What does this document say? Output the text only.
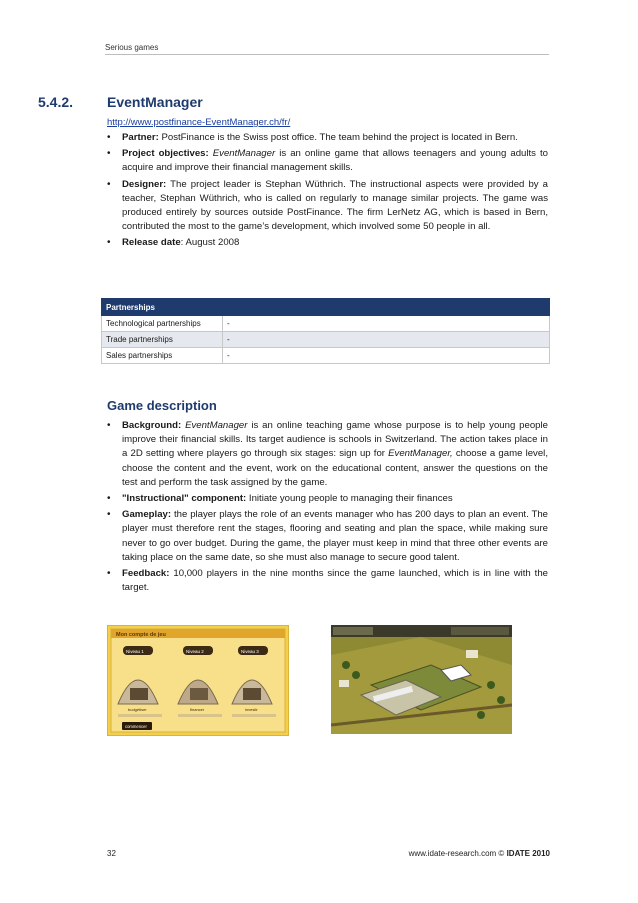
Serious games
5.4.2. EventManager
http://www.postfinance-EventManager.ch/fr/
• Partner: PostFinance is the Swiss post office. The team behind the project is located in Bern.
• Project objectives: EventManager is an online game that allows teenagers and young adults to acquire and improve their financial management skills.
• Designer: The project leader is Stephan Wüthrich. The instructional aspects were provided by a teacher, Stephan Wüthrich, who is called on regularly to manage similar projects. The game was produced entirely by sources outside PostFinance. The firm LerNetz AG, which is based in Bern, contributed the most to the game’s development, which involved some 50 people in all.
• Release date: August 2008
Partnerships	
Technological partnerships	-
Trade partnerships	-
Sales partnerships	-
Game description
• Background: EventManager is an online teaching game whose purpose is to help young people improve their financial skills. Its target audience is schools in Switzerland. The action takes place in a 2D setting where players go through six stages: sign up for EventManager, choose a game level, choose the content and the event, work on the educational content, answer the questions on the test and perform the task assigned by the game.
• "Instructional" component: Initiate young people to managing their finances
• Gameplay: the player plays the role of an events manager who has 200 days to plan an event. The player must therefore rent the stages, flooring and seating and plan the space, while making sure never to go over budget. During the game, the player must keep in mind that three other events are taking place on the same date, so she must also manage to secure good talent.
• Feedback: 10,000 players in the nine months since the game launched, which is in line with the target.
Mon compte de jeu
Niveau 1	Niveau 2	Niveau 3
budgétiser	financer	investir
commencer
32	www.idate-research.com © IDATE 2010
